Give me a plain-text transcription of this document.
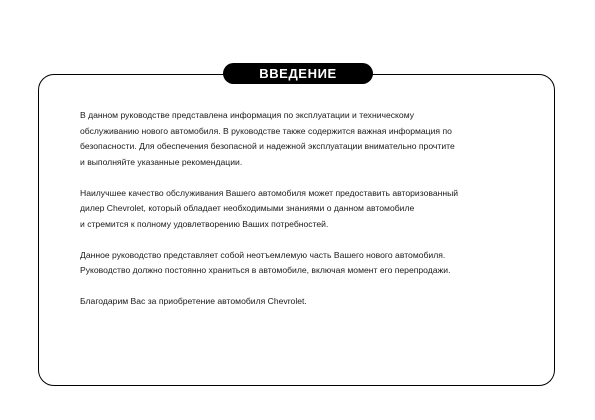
ВВЕДЕНИЕ

В данном руководстве представлена информация по эксплуатации и техническому
обслуживанию нового автомобиля. В руководстве также содержится важная информация по
безопасности. Для обеспечения безопасной и надежной эксплуатации внимательно прочтите
и выполняйте указанные рекомендации.

Наилучшее качество обслуживания Вашего автомобиля может предоставить авторизованный
дилер Chevrolet, который обладает необходимыми знаниями о данном автомобиле
и стремится к полному удовлетворению Ваших потребностей.

Данное руководство представляет собой неотъемлемую часть Вашего нового автомобиля.
Руководство должно постоянно храниться в автомобиле, включая момент его перепродажи.

Благодарим Вас за приобретение автомобиля Chevrolet.
